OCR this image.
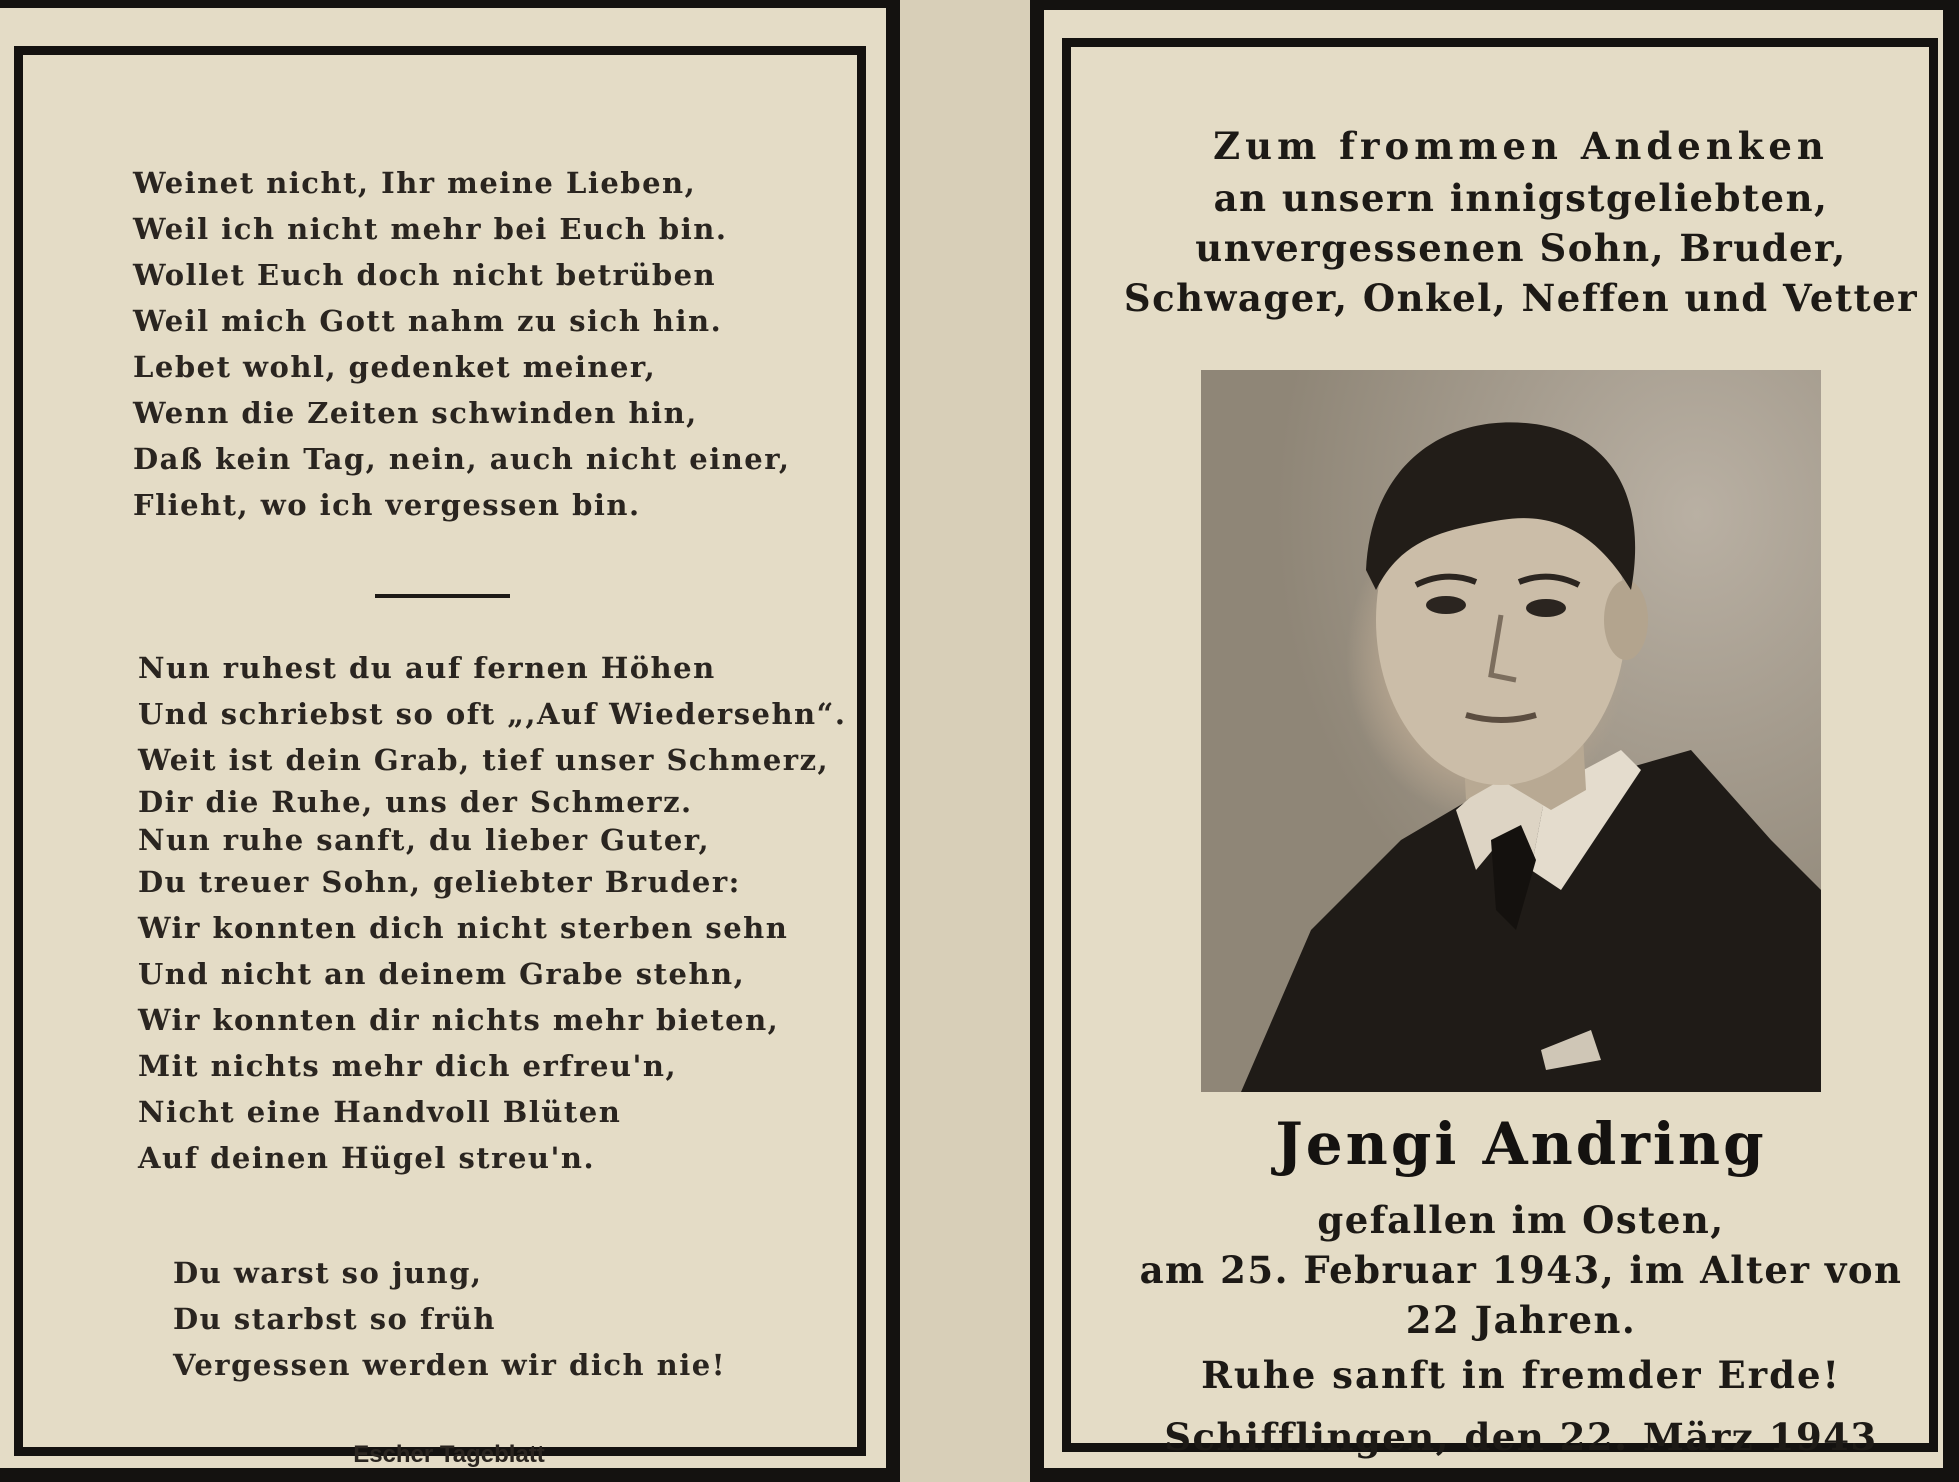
Weinet nicht, Ihr meine Lieben,
Weil ich nicht mehr bei Euch bin.
Wollet Euch doch nicht betrüben
Weil mich Gott nahm zu sich hin.
Lebet wohl, gedenket meiner,
Wenn die Zeiten schwinden hin,
Daß kein Tag, nein, auch nicht einer,
Flieht, wo ich vergessen bin.
Nun ruhest du auf fernen Höhen
Und schriebst so oft „,Auf Wiedersehn“.
Weit ist dein Grab, tief unser Schmerz,
Dir die Ruhe, uns der Schmerz.
Nun ruhe sanft, du lieber Guter,
Du treuer Sohn, geliebter Bruder:
Wir konnten dich nicht sterben sehn
Und nicht an deinem Grabe stehn,
Wir konnten dir nichts mehr bieten,
Mit nichts mehr dich erfreu'n,
Nicht eine Handvoll Blüten
Auf deinen Hügel streu'n.
Du warst so jung,
Du starbst so früh
Vergessen werden wir dich nie!
Escher Tageblatt
Zum frommen Andenken
an unsern innigstgeliebten,
unvergessenen Sohn, Bruder,
Schwager, Onkel, Neffen und Vetter
Jengi Andring
gefallen im Osten,
am 25. Februar 1943, im Alter von
22 Jahren.
Ruhe sanft in fremder Erde!
Schifflingen, den 22. März 1943
